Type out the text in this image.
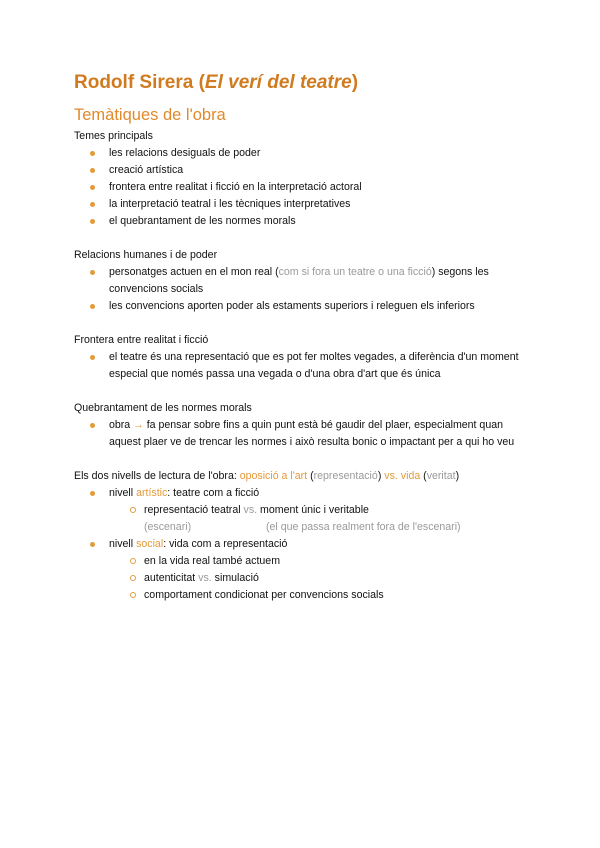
Rodolf Sirera (El verí del teatre)
Temàtiques de l'obra

Temes principals

les relacions desiguals de poder
creació artística
frontera entre realitat i ficció en la interpretació actoral
la interpretació teatral i les tècniques interpretatives
el quebrantament de les normes morals

Relacions humanes i de poder

personatges actuen en el mon real (com si fora un teatre o una ficció) segons les convencions socials
les convencions aporten poder als estaments superiors i releguen els inferiors

Frontera entre realitat i ficció

el teatre és una representació que es pot fer moltes vegades, a diferència d'un moment especial que només passa una vegada o d'una obra d'art que és única

Quebrantament de les normes morals

obra → fa pensar sobre fins a quin punt està bé gaudir del plaer, especialment quan aquest plaer ve de trencar les normes i això resulta bonic o impactant per a qui ho veu

Els dos nivells de lectura de l'obra: oposició a l'art (representació) vs. vida (veritat)

nivell artístic: teatre com a ficció
representació teatral vs. moment únic i veritable
(escenari)	(el que passa realment fora de l'escenari)
nivell social: vida com a representació
en la vida real també actuem
autenticitat vs. simulació
comportament condicionat per convencions socials
